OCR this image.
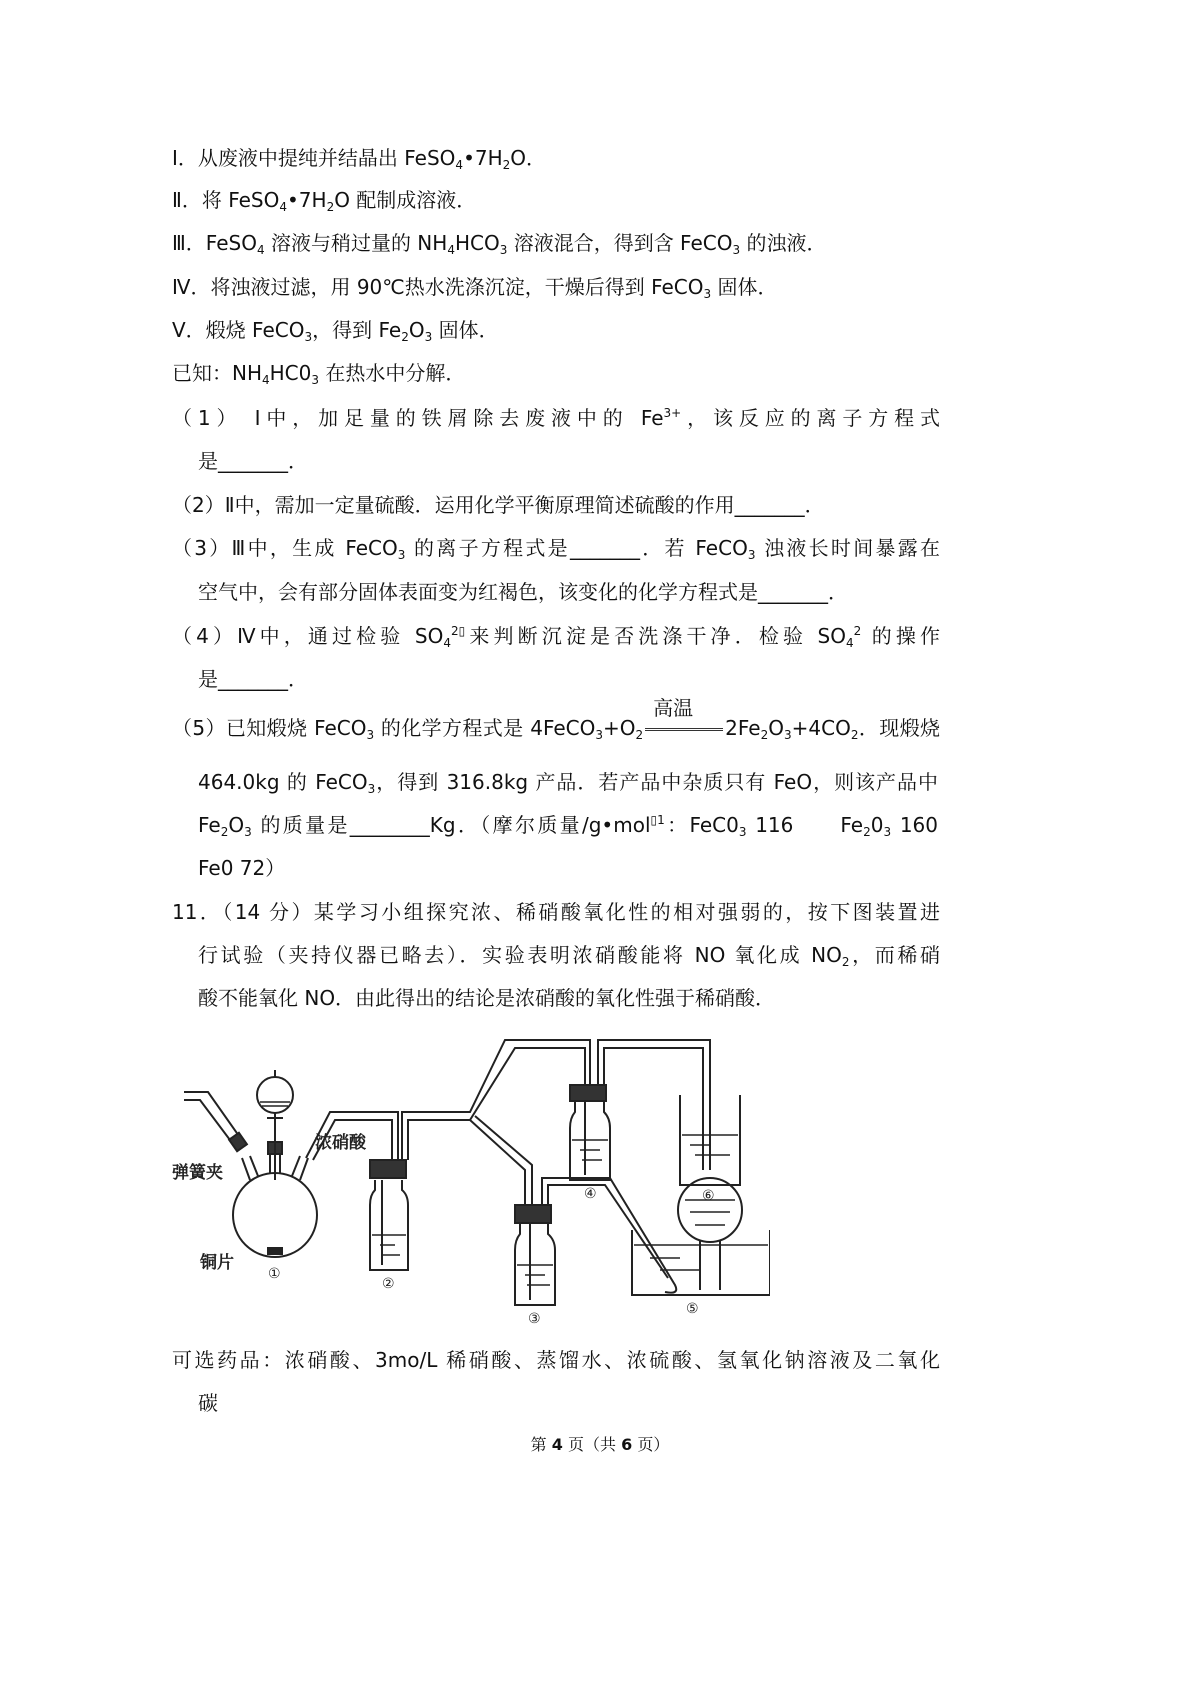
Ⅰ．从废液中提纯并结晶出 $FeSO_4•7H_2O$．
Ⅱ．将 $FeSO_4•7H_2O$ 配制成溶液．
Ⅲ．FeSO$_4$ 溶液与稍过量的 $NH_4HCO_3$ 溶液混合，得到含 FeCO$_3$ 的浊液．
Ⅳ．将浊液过滤，用 90℃热水洗涤沉淀，干燥后得到 FeCO$_3$ 固体．
V．煅烧 FeCO$_3$，得到 $Fe_2O_3$ 固体．
已知：$NH_4HC0_3$ 在热水中分解．
（1） Ⅰ中，加足量的铁屑除去废液中的 $Fe^{3+}$，该反应的离子方程式
是_______．
（2）Ⅱ中，需加一定量硫酸．运用化学平衡原理简述硫酸的作用_______．
（3）Ⅲ中，生成 FeCO$_3$ 的离子方程式是_______．若 FeCO$_3$ 浊液长时间暴露在
空气中，会有部分固体表面变为红褐色，该变化的化学方程式是_______．
（4）Ⅳ中，通过检验 $SO_4^{2▯}$来判断沉淀是否洗涤干净．检验 $SO_4^2$ 的操作
是_______．
（5）已知煅烧 FeCO$_3$ 的化学方程式是 $4FeCO_3+O_2$
高温
$2Fe_2O_3+4CO_2$．现煅烧
464.0kg 的 FeCO$_3$，得到 316.8kg 产品．若产品中杂质只有 FeO，则该产品中
$Fe_2O_3$ 的质量是________Kg．（摩尔质量/g•mol$^{▯1}$：$FeC0_3$ 116　　$Fe_20_3$ 160
Fe0 72）
11．（14 分）某学习小组探究浓、稀硝酸氧化性的相对强弱的，按下图装置进
行试验（夹持仪器已略去）．实验表明浓硝酸能将 NO 氧化成 $NO_2$，而稀硝
酸不能氧化 NO．由此得出的结论是浓硝酸的氧化性强于稀硝酸．
可选药品：浓硝酸、3mo/L 稀硝酸、蒸馏水、浓硫酸、氢氧化钠溶液及二氧化
碳
浓硝酸
弹簧夹
铜片
①
②
③
④
⑤
⑥
第 4 页（共 6 页）
